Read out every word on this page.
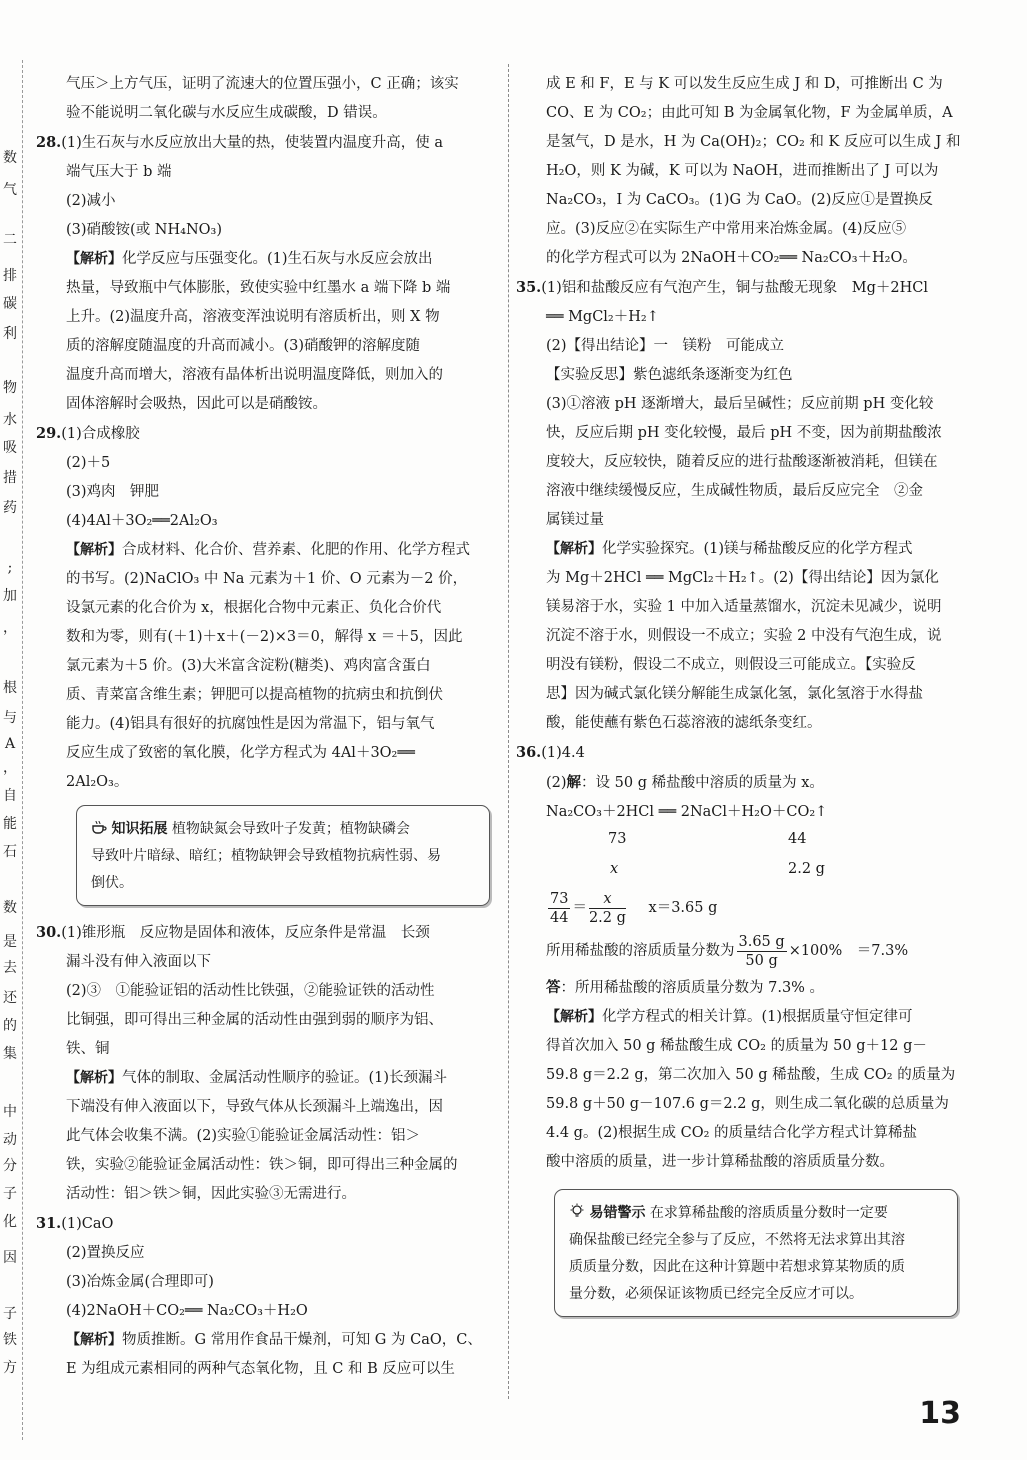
数
气
二
排
碳
利
物
水
吸
措
药
;
加
，
根
与
A
，
自
能
石
数
是
去
还
的
集
中
动
分
子
化
因
子
铁
方
气压＞上方气压，证明了流速大的位置压强小，C 正确；该实
验不能说明二氧化碳与水反应生成碳酸，D 错误。
28.(1)生石灰与水反应放出大量的热，使装置内温度升高，使 a
端气压大于 b 端
(2)减小
(3)硝酸铵(或 NH₄NO₃)
【解析】化学反应与压强变化。(1)生石灰与水反应会放出
热量，导致瓶中气体膨胀，致使实验中红墨水 a 端下降 b 端
上升。(2)温度升高，溶液变浑浊说明有溶质析出，则 X 物
质的溶解度随温度的升高而减小。(3)硝酸钾的溶解度随
温度升高而增大，溶液有晶体析出说明温度降低，则加入的
固体溶解时会吸热，因此可以是硝酸铵。
29.(1)合成橡胶
(2)＋5
(3)鸡肉　钾肥
(4)4Al＋3O₂══2Al₂O₃
【解析】合成材料、化合价、营养素、化肥的作用、化学方程式
的书写。(2)NaClO₃ 中 Na 元素为＋1 价、O 元素为－2 价，
设氯元素的化合价为 x，根据化合物中元素正、负化合价代
数和为零，则有(＋1)＋x＋(－2)×3＝0，解得 x ＝＋5，因此
氯元素为＋5 价。(3)大米富含淀粉(糖类)、鸡肉富含蛋白
质、青菜富含维生素；钾肥可以提高植物的抗病虫和抗倒伏
能力。(4)铝具有很好的抗腐蚀性是因为常温下，铝与氧气
反应生成了致密的氧化膜，化学方程式为 4Al＋3O₂══
2Al₂O₃。
知识拓展 植物缺氮会导致叶子发黄；植物缺磷会
导致叶片暗绿、暗红；植物缺钾会导致植物抗病性弱、易
倒伏。
30.(1)锥形瓶　反应物是固体和液体，反应条件是常温　长颈
漏斗没有伸入液面以下
(2)③　①能验证铝的活动性比铁强，②能验证铁的活动性
比铜强，即可得出三种金属的活动性由强到弱的顺序为铝、
铁、铜
【解析】气体的制取、金属活动性顺序的验证。(1)长颈漏斗
下端没有伸入液面以下，导致气体从长颈漏斗上端逸出，因
此气体会收集不满。(2)实验①能验证金属活动性：铝＞
铁，实验②能验证金属活动性：铁＞铜，即可得出三种金属的
活动性：铝＞铁＞铜，因此实验③无需进行。
31.(1)CaO
(2)置换反应
(3)冶炼金属(合理即可)
(4)2NaOH＋CO₂══ Na₂CO₃＋H₂O
【解析】物质推断。G 常用作食品干燥剂，可知 G 为 CaO，C、
E 为组成元素相同的两种气态氧化物，且 C 和 B 反应可以生
成 E 和 F，E 与 K 可以发生反应生成 J 和 D，可推断出 C 为
CO、E 为 CO₂；由此可知 B 为金属氧化物，F 为金属单质，A
是氢气，D 是水，H 为 Ca(OH)₂；CO₂ 和 K 反应可以生成 J 和
H₂O，则 K 为碱，K 可以为 NaOH，进而推断出了 J 可以为
Na₂CO₃，I 为 CaCO₃。(1)G 为 CaO。(2)反应①是置换反
应。(3)反应②在实际生产中常用来冶炼金属。(4)反应⑤
的化学方程式可以为 2NaOH＋CO₂══ Na₂CO₃＋H₂O。
35.(1)铝和盐酸反应有气泡产生，铜与盐酸无现象　Mg＋2HCl
══ MgCl₂＋H₂↑
(2)【得出结论】一　镁粉　可能成立
【实验反思】紫色滤纸条逐渐变为红色
(3)①溶液 pH 逐渐增大，最后呈碱性；反应前期 pH 变化较
快，反应后期 pH 变化较慢，最后 pH 不变，因为前期盐酸浓
度较大，反应较快，随着反应的进行盐酸逐渐被消耗，但镁在
溶液中继续缓慢反应，生成碱性物质，最后反应完全　②金
属镁过量
【解析】化学实验探究。(1)镁与稀盐酸反应的化学方程式
为 Mg＋2HCl ══ MgCl₂＋H₂↑。(2)【得出结论】因为氯化
镁易溶于水，实验 1 中加入适量蒸馏水，沉淀未见减少，说明
沉淀不溶于水，则假设一不成立；实验 2 中没有气泡生成，说
明没有镁粉，假设二不成立，则假设三可能成立。【实验反
思】因为碱式氯化镁分解能生成氯化氢，氯化氢溶于水得盐
酸，能使蘸有紫色石蕊溶液的滤纸条变红。
36.(1)4.4
(2)解：设 50 g 稀盐酸中溶质的质量为 x。
Na₂CO₃＋2HCl ══ 2NaCl＋H₂O＋CO₂↑
73	44
x	2.2 g
$\frac{73}{44} = \frac{x}{2.2 g} x=3.65$ g
所用稀盐酸的溶质质量分数为 $\frac{3.65 g}{50 g} \times 100\%$　＝7.3%
答：所用稀盐酸的溶质质量分数为 7.3% 。
【解析】化学方程式的相关计算。(1)根据质量守恒定律可
得首次加入 50 g 稀盐酸生成 CO₂ 的质量为 50 g＋12 g－
59.8 g＝2.2 g，第二次加入 50 g 稀盐酸，生成 CO₂ 的质量为
59.8 g＋50 g－107.6 g＝2.2 g，则生成二氧化碳的总质量为
4.4 g。(2)根据生成 CO₂ 的质量结合化学方程式计算稀盐
酸中溶质的质量，进一步计算稀盐酸的溶质质量分数。
易错警示 在求算稀盐酸的溶质质量分数时一定要
确保盐酸已经完全参与了反应，不然将无法求算出其溶
质质量分数，因此在这种计算题中若想求算某物质的质
量分数，必须保证该物质已经完全反应才可以。
13
